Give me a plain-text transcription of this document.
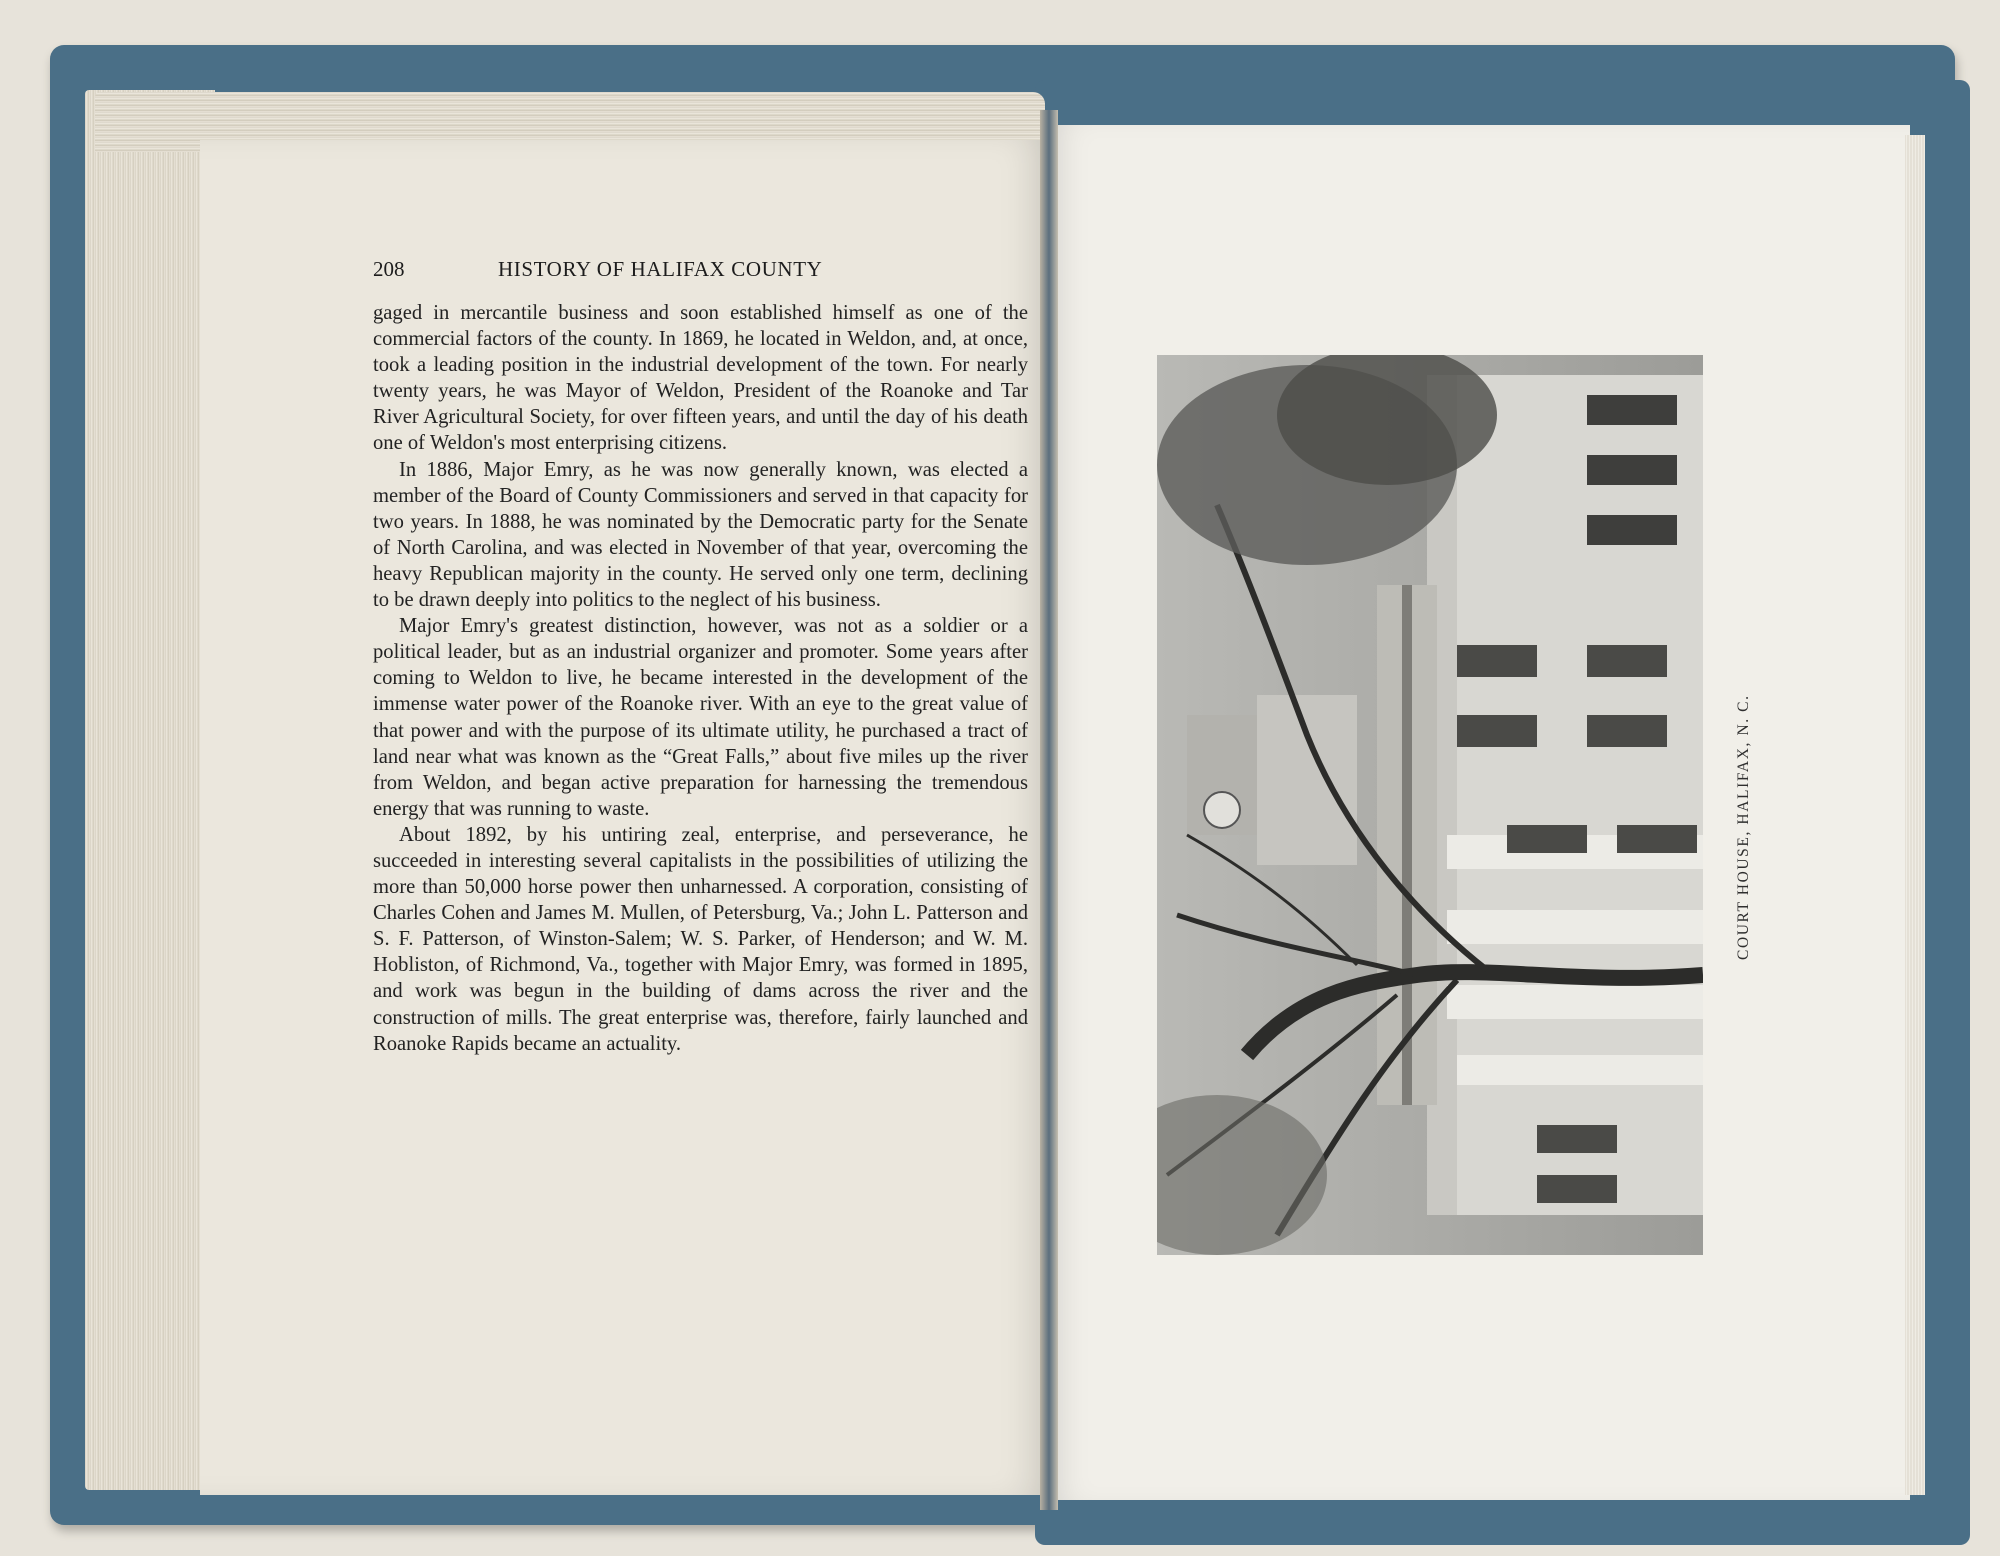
208	HISTORY OF HALIFAX COUNTY

gaged in mercantile business and soon established himself as one of the commercial factors of the county. In 1869, he located in Weldon, and, at once, took a leading position in the industrial development of the town. For nearly twenty years, he was Mayor of Weldon, President of the Roanoke and Tar River Agricultural Society, for over fifteen years, and until the day of his death one of Weldon's most enterprising citizens.

In 1886, Major Emry, as he was now generally known, was elected a member of the Board of County Commissioners and served in that capacity for two years. In 1888, he was nominated by the Democratic party for the Senate of North Carolina, and was elected in November of that year, overcoming the heavy Republican majority in the county. He served only one term, declining to be drawn deeply into politics to the neglect of his business.

Major Emry's greatest distinction, however, was not as a soldier or a political leader, but as an industrial organizer and promoter. Some years after coming to Weldon to live, he became interested in the development of the immense water power of the Roanoke river. With an eye to the great value of that power and with the purpose of its ultimate utility, he purchased a tract of land near what was known as the “Great Falls,” about five miles up the river from Weldon, and began active preparation for harnessing the tremendous energy that was running to waste.

About 1892, by his untiring zeal, enterprise, and perseverance, he succeeded in interesting several capitalists in the possibilities of utilizing the more than 50,000 horse power then unharnessed. A corporation, consisting of Charles Cohen and James M. Mullen, of Petersburg, Va.; John L. Patterson and S. F. Patterson, of Winston-Salem; W. S. Parker, of Henderson; and W. M. Hobliston, of Richmond, Va., together with Major Emry, was formed in 1895, and work was begun in the building of dams across the river and the construction of mills. The great enterprise was, therefore, fairly launched and Roanoke Rapids became an actuality.

COURT HOUSE, HALIFAX, N. C.
